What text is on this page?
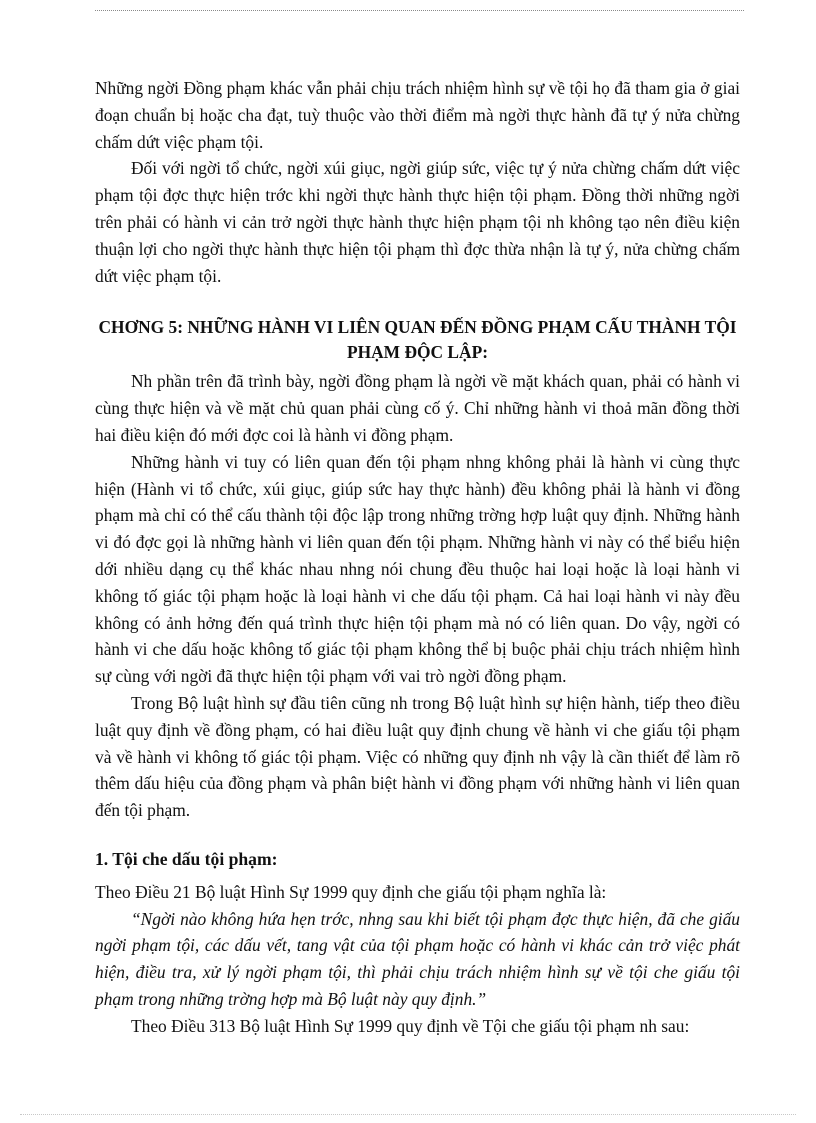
Những ngời Đồng phạm khác vẫn phải chịu trách nhiệm hình sự về tội họ đã tham gia ở giai đoạn chuẩn bị hoặc cha đạt, tuỳ thuộc vào thời điểm mà ngời thực hành đã tự ý nửa chừng chấm dứt việc phạm tội.

Đối với ngời tổ chức, ngời xúi giục, ngời giúp sức, việc tự ý nửa chừng chấm dứt việc phạm tội đợc thực hiện trớc khi ngời thực hành thực hiện tội phạm. Đồng thời những ngời trên phải có hành vi cản trở ngời thực hành thực hiện phạm tội nh không tạo nên điều kiện thuận lợi cho ngời thực hành thực hiện tội phạm thì đợc thừa nhận là tự ý, nửa chừng chấm dứt việc phạm tội.

CHƠNG 5: NHỮNG HÀNH VI LIÊN QUAN ĐẾN ĐỒNG PHẠM CẤU THÀNH TỘI PHẠM ĐỘC LẬP:

Nh phần trên đã trình bày, ngời đồng phạm là ngời về mặt khách quan, phải có hành vi cùng thực hiện và về mặt chủ quan phải cùng cố ý. Chỉ những hành vi thoả mãn đồng thời hai điều kiện đó mới đợc coi là hành vi đồng phạm.

Những hành vi tuy có liên quan đến tội phạm nhng không phải là hành vi cùng thực hiện (Hành vi tổ chức, xúi giục, giúp sức hay thực hành) đều không phải là hành vi đồng phạm mà chỉ có thể cấu thành tội độc lập trong những trờng hợp luật quy định. Những hành vi đó đợc gọi là những hành vi liên quan đến tội phạm. Những hành vi này có thể biểu hiện dới nhiều dạng cụ thể khác nhau nhng nói chung đều thuộc hai loại hoặc là loại hành vi không tố giác tội phạm hoặc là loại hành vi che dấu tội phạm. Cả hai loại hành vi này đều không có ảnh hởng đến quá trình thực hiện tội phạm mà nó có liên quan. Do vậy, ngời có hành vi che dấu hoặc không tố giác tội phạm không thể bị buộc phải chịu trách nhiệm hình sự cùng với ngời đã thực hiện tội phạm với vai trò ngời đồng phạm.

Trong Bộ luật hình sự đầu tiên cũng nh trong Bộ luật hình sự hiện hành, tiếp theo điều luật quy định về đồng phạm, có hai điều luật quy định chung về hành vi che giấu tội phạm và về hành vi không tố giác tội phạm. Việc có những quy định nh vậy là cần thiết để làm rõ thêm dấu hiệu của đồng phạm và phân biệt hành vi đồng phạm với những hành vi liên quan đến tội phạm.

1. Tội che dấu tội phạm:

Theo Điều 21 Bộ luật Hình Sự 1999 quy định che giấu tội phạm nghĩa là:

“Ngời nào không hứa hẹn trớc, nhng sau khi biết tội phạm đợc thực hiện, đã che giấu ngời phạm tội, các dấu vết, tang vật của tội phạm hoặc có hành vi khác cản trở việc phát hiện, điều tra, xử lý ngời phạm tội, thì phải chịu trách nhiệm hình sự về tội che giấu tội phạm trong những trờng hợp mà Bộ luật này quy định.”

Theo Điều 313 Bộ luật Hình Sự 1999 quy định về Tội che giấu tội phạm nh sau:
